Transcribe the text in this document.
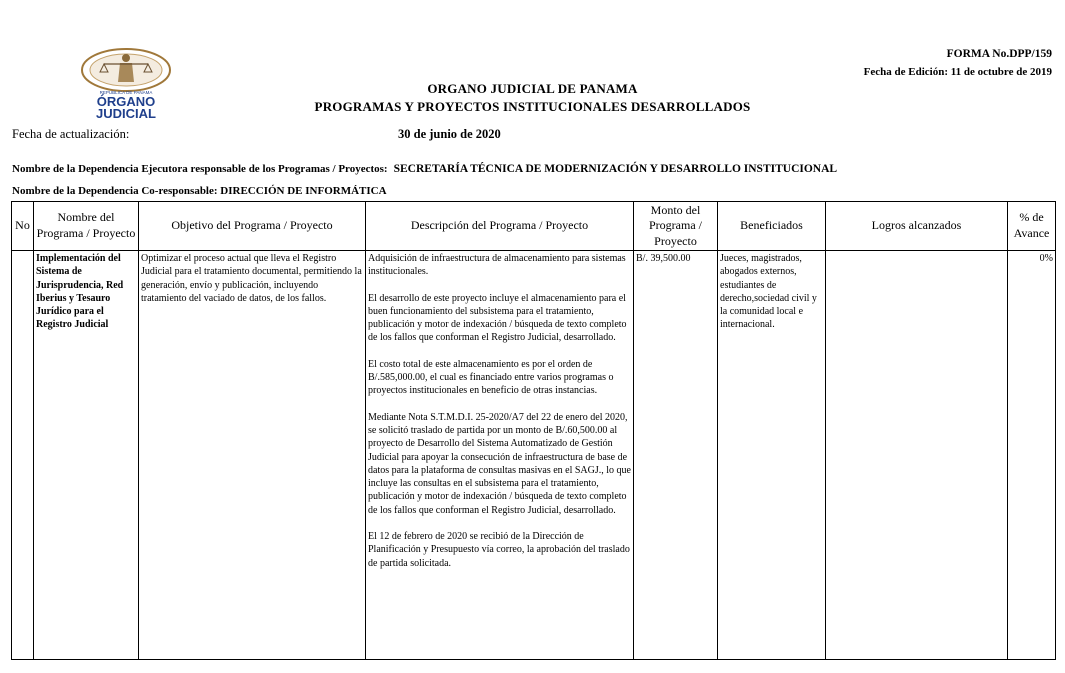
REPUBLICA DE PANAMA
ÓRGANO
JUDICIAL
FORMA No.DPP/159
Fecha de Edición: 11 de octubre de 2019
ORGANO JUDICIAL DE PANAMA
PROGRAMAS Y PROYECTOS INSTITUCIONALES DESARROLLADOS
Fecha de actualización:	30 de junio de 2020
Nombre de la Dependencia Ejecutora responsable de los Programas / Proyectos: SECRETARÍA TÉCNICA DE MODERNIZACIÓN Y DESARROLLO INSTITUCIONAL
Nombre de la Dependencia Co-responsable: DIRECCIÓN DE INFORMÁTICA
No	Nombre del Programa / Proyecto	Objetivo del Programa / Proyecto	Descripción del Programa / Proyecto	Monto del Programa / Proyecto	Beneficiados	Logros alcanzados	% de Avance
	Implementación del Sistema de Jurisprudencia, Red Iberius y Tesauro Jurídico para el Registro Judicial	Optimizar el proceso actual que lleva el Registro Judicial para el tratamiento documental, permitiendo la generación, envío y publicación, incluyendo tratamiento del vaciado de datos, de los fallos.	Adquisición de infraestructura de almacenamiento para sistemas institucionales.

El desarrollo de este proyecto incluye el almacenamiento para el buen funcionamiento del subsistema para el tratamiento, publicación y motor de indexación / búsqueda de texto completo de los fallos que conforman el Registro Judicial, desarrollado.

El costo total de este almacenamiento es por el orden de B/.585,000.00, el cual es financiado entre varios programas o proyectos institucionales en beneficio de otras instancias.

Mediante Nota S.T.M.D.I. 25-2020/A7 del 22 de enero del 2020, se solicitó traslado de partida por un monto de B/.60,500.00 al proyecto de Desarrollo del Sistema Automatizado de Gestión Judicial para apoyar la consecución de infraestructura de base de datos para la plataforma de consultas masivas en el SAGJ., lo que incluye las consultas en el subsistema para el tratamiento, publicación y motor de indexación / búsqueda de texto completo de los fallos que conforman el Registro Judicial, desarrollado.

El 12 de febrero de 2020 se recibió de la Dirección de Planificación y Presupuesto vía correo, la aprobación del traslado de partida solicitada.	B/. 39,500.00	Jueces, magistrados, abogados externos, estudiantes de derecho,sociedad civil y la comunidad local e internacional.		0%
